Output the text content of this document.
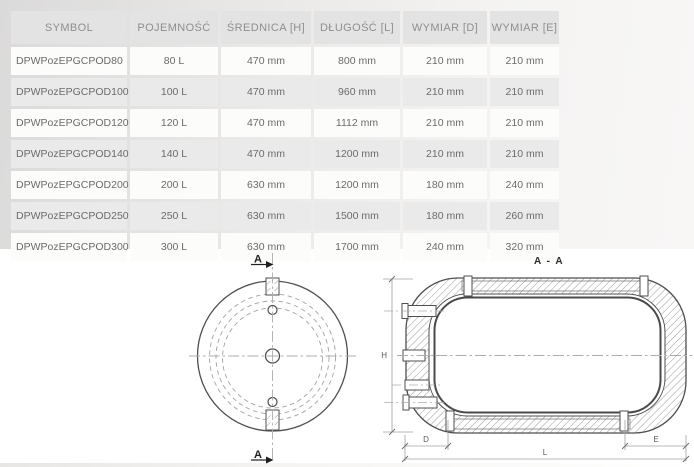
SYMBOL	POJEMNOŚĆ	ŚREDNICA [H]	DŁUGOŚĆ [L]	WYMIAR [D]	WYMIAR [E]
DPWPozEPGCPOD80	80 L	470 mm	800 mm	210 mm	210 mm
DPWPozEPGCPOD100	100 L	470 mm	960 mm	210 mm	210 mm
DPWPozEPGCPOD120	120 L	470 mm	1112 mm	210 mm	210 mm
DPWPozEPGCPOD140	140 L	470 mm	1200 mm	210 mm	210 mm
DPWPozEPGCPOD200	200 L	630 mm	1200 mm	180 mm	240 mm
DPWPozEPGCPOD250	250 L	630 mm	1500 mm	180 mm	260 mm
DPWPozEPGCPOD300	300 L	630 mm	1700 mm	240 mm	320 mm
A
A
A - A
H
D	E
L
